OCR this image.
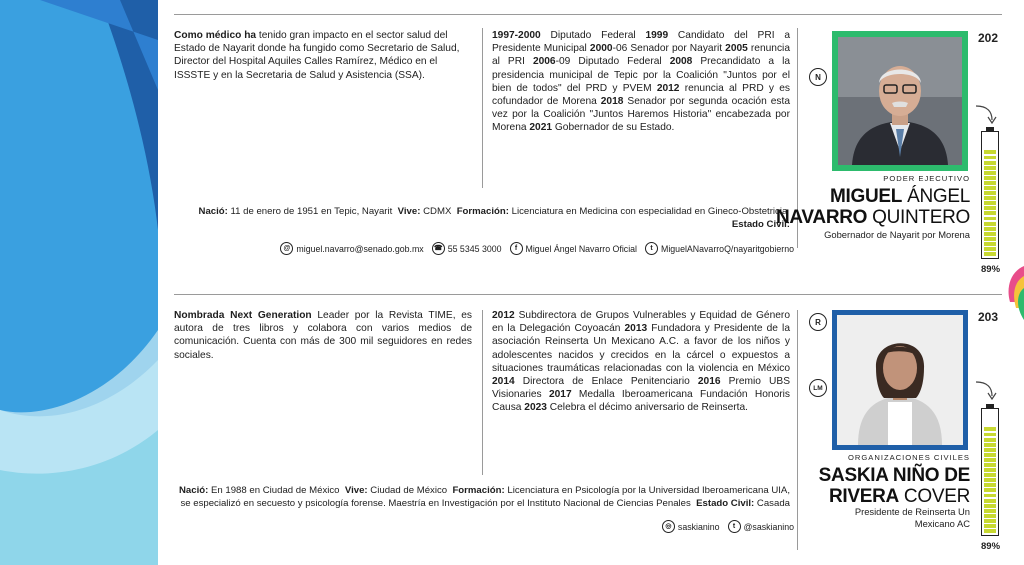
Como médico ha tenido gran impacto en el sector salud del Estado de Nayarit donde ha fungido como Secretario de Salud, Director del Hospital Aquiles Calles Ramírez, Médico en el ISSSTE y en la Secretaria de Salud y Asistencia (SSA).
1997-2000 Diputado Federal 1999 Candidato del PRI a Presidente Municipal 2000-06 Senador por Nayarit 2005 renuncia al PRI 2006-09 Diputado Federal 2008 Precandidato a la presidencia municipal de Tepic por la Coalición "Juntos por el bien de todos" del PRD y PVEM 2012 renuncia al PRD y es cofundador de Morena 2018 Senador por segunda ocación esta vez por la Coalición "Juntos Haremos Historia" encabezada por Morena 2021 Gobernador de su Estado.
Nació: 11 de enero de 1951 en Tepic, Nayarit Vive: CDMX Formación: Licenciatura en Medicina con especialidad en Gineco-Obstetricia  Estado Civil:
@ miguel.navarro@senado.gob.mx	☎ 55 5345 3000	f Miguel Ángel Navarro Oficial	t MiguelANavarroQ/nayaritgobierno
N
202
89%
PODER EJECUTIVO
MIGUEL ÁNGEL
NAVARRO QUINTERO
Gobernador de Nayarit por Morena
Nombrada Next Generation Leader por la Revista TIME, es autora de tres libros y colabora con varios medios de comunicación. Cuenta con más de 300 mil seguidores en redes sociales.
2012 Subdirectora de Grupos Vulnerables y Equidad de Género en la Delegación Coyoacán 2013 Fundadora y Presidente de la asociación Reinserta Un Mexicano A.C. a favor de los niños y adolescentes nacidos y crecidos en la cárcel o expuestos a situaciones traumáticas relacionadas con la violencia en México 2014 Directora de Enlace Penitenciario 2016 Premio UBS Visionaries 2017 Medalla Iberoamericana Fundación Honoris Causa 2023 Celebra el décimo aniversario de Reinserta.
Nació: En 1988 en Ciudad de México Vive: Ciudad de México Formación: Licenciatura en Psicología por la Universidad Iberoamericana UIA, se especializó en secuesto y psicología forense. Maestría en Investigación por el Instituto Nacional de Ciencias Penales Estado Civil: Casada
◎ saskianino	t @saskianino
R
LM
203
89%
ORGANIZACIONES CIVILES
SASKIA NIÑO DE
RIVERA COVER
Presidente de Reinserta Un Mexicano AC
